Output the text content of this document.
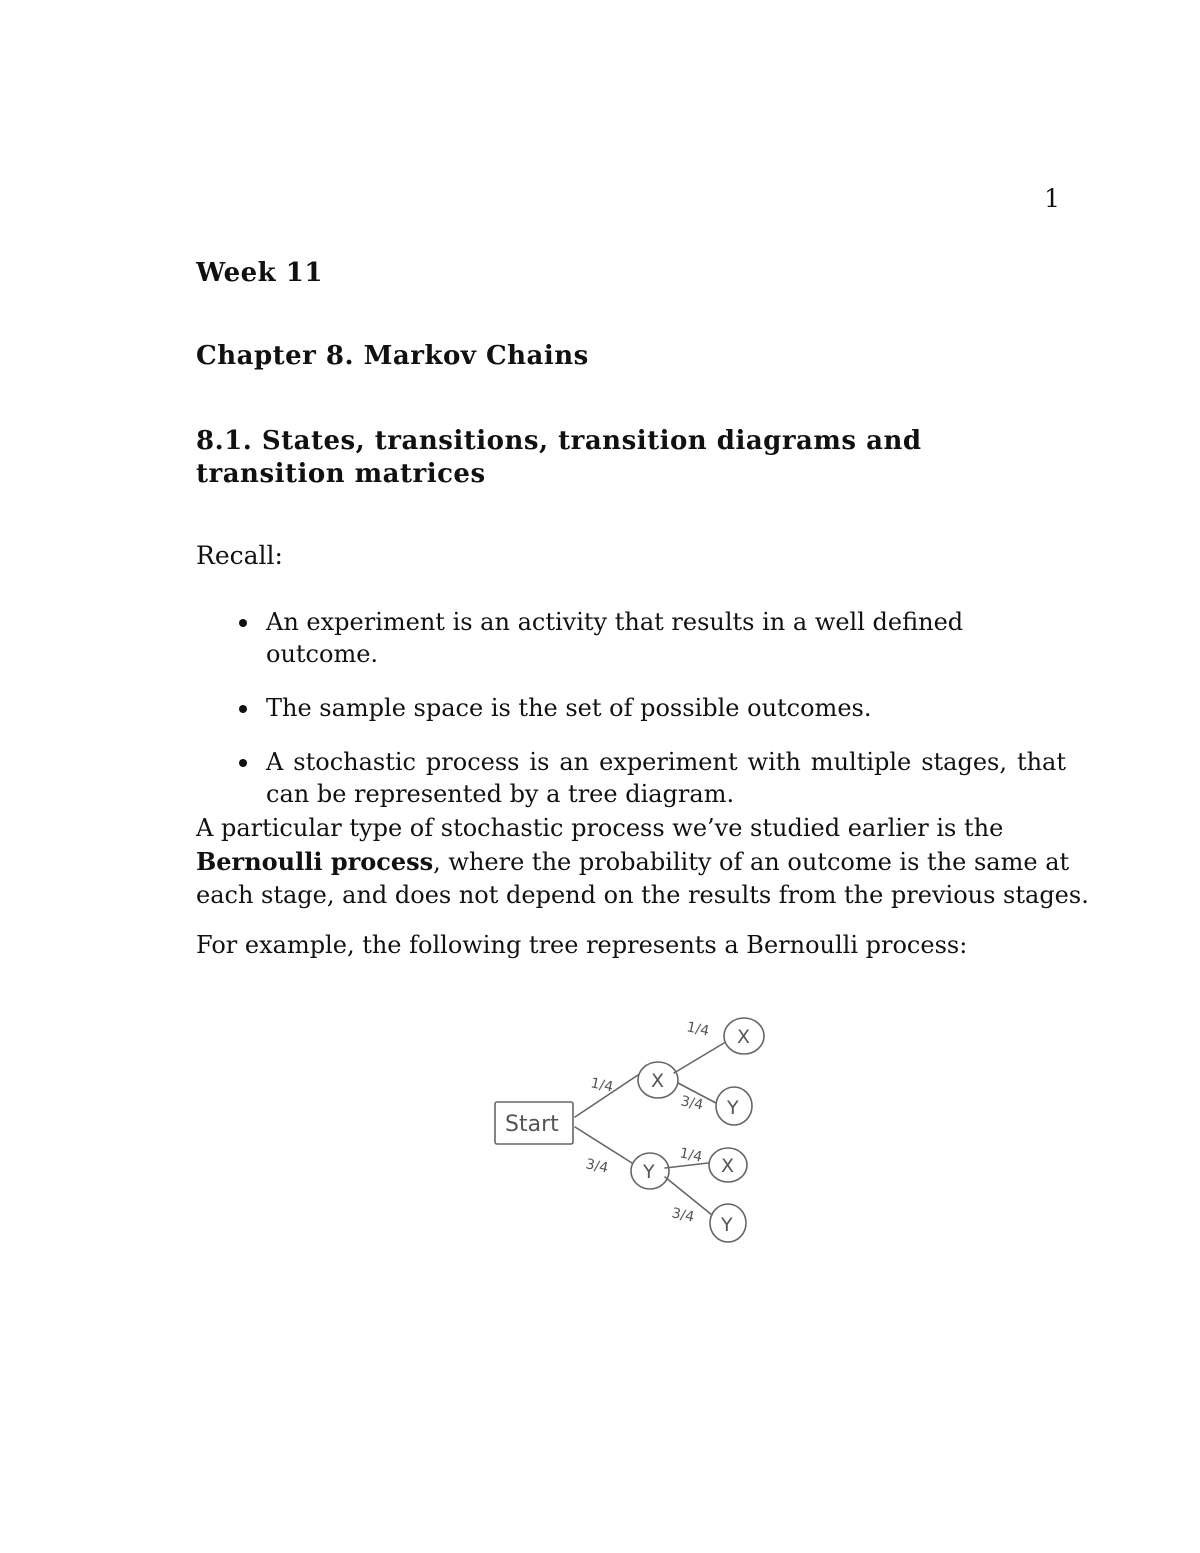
1
Week 11
Chapter 8. Markov Chains
8.1. States, transitions, transition diagrams and transition matrices
Recall:
An experiment is an activity that results in a well defined outcome.
The sample space is the set of possible outcomes.
A stochastic process is an experiment with multiple stages, that can be represented by a tree diagram.
A particular type of stochastic process we’ve studied earlier is the Bernoulli process, where the probability of an outcome is the same at each stage, and does not depend on the results from the previous stages.
For example, the following tree represents a Bernoulli process:
Start
X
Y
X
Y
X
Y
1/4
3/4
1/4
3/4
1/4
3/4
